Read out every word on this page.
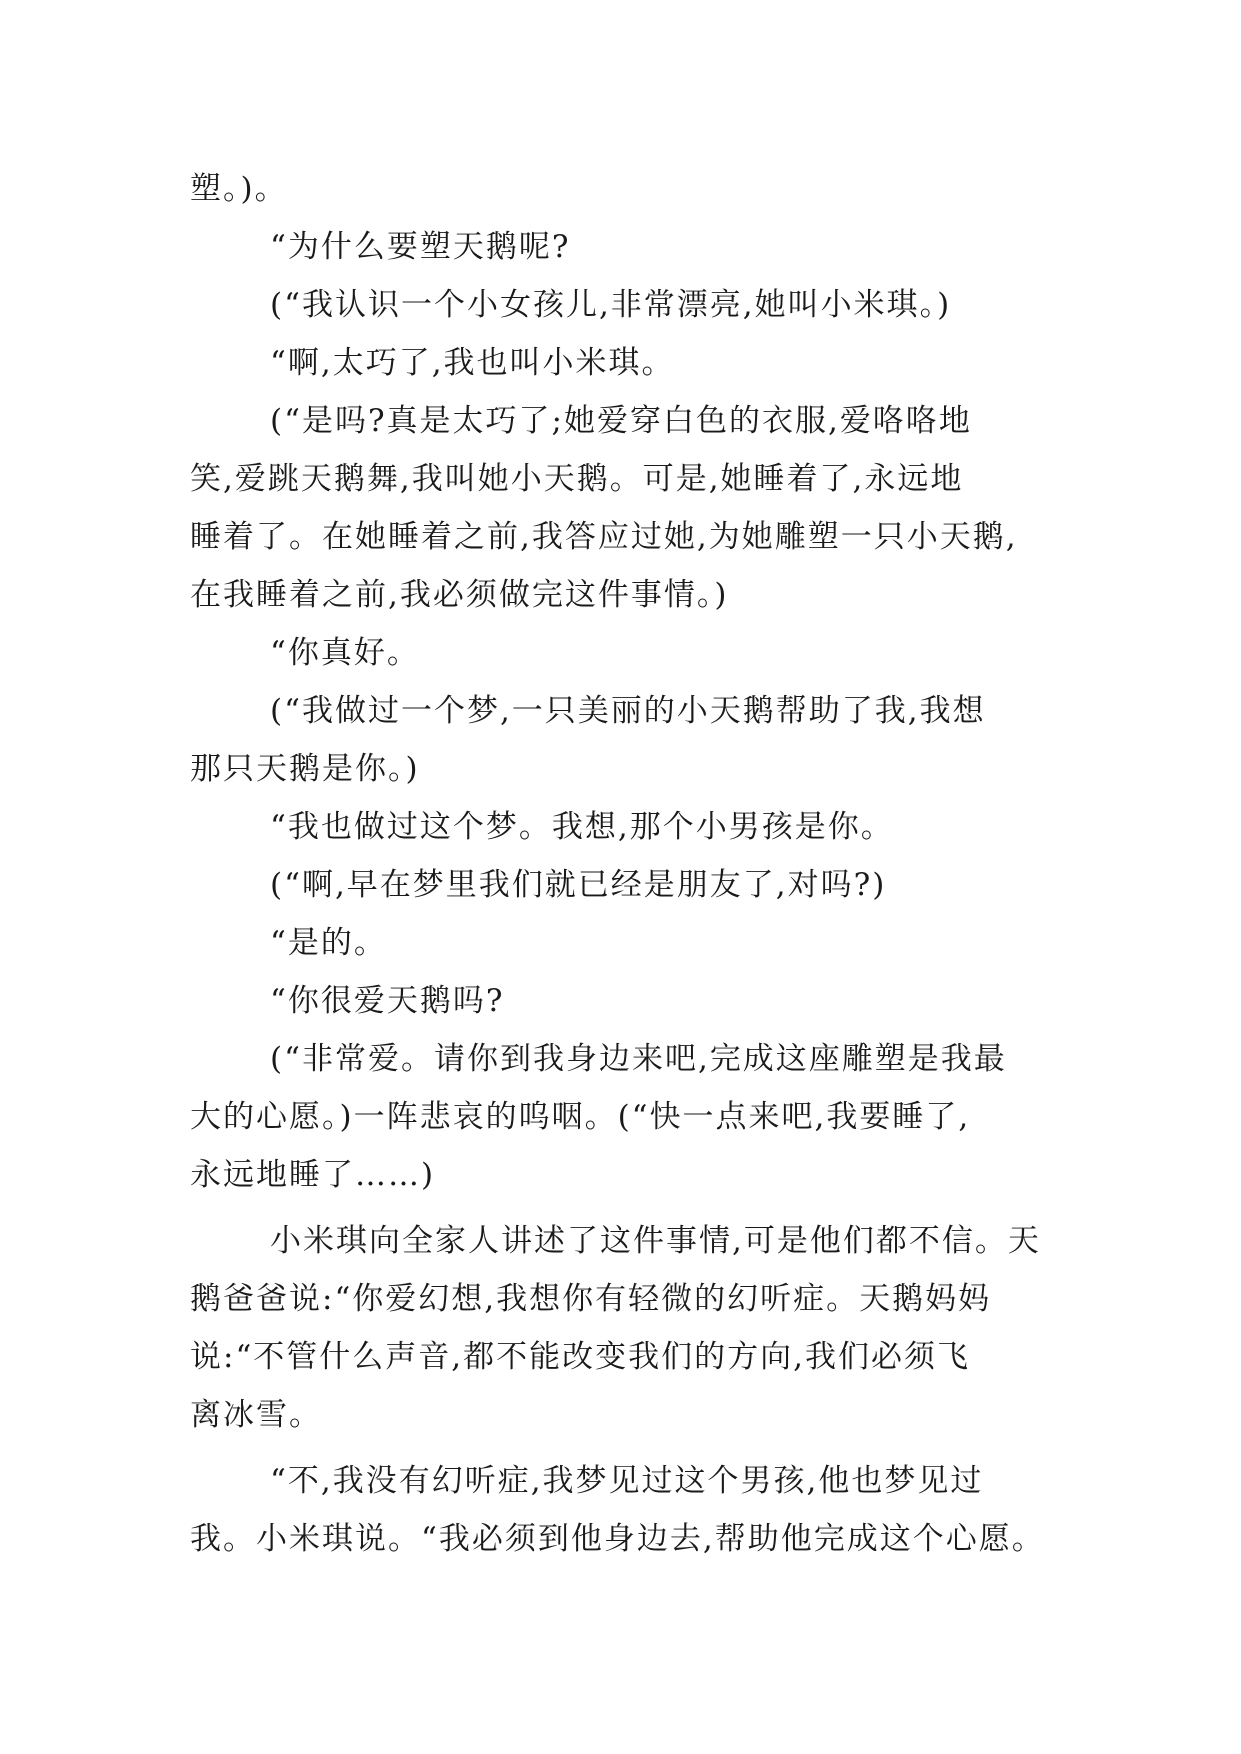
塑。)。
“为什么要塑天鹅呢?
(“我认识一个小女孩儿,非常漂亮,她叫小米琪。)
“啊,太巧了,我也叫小米琪。
(“是吗?真是太巧了;她爱穿白色的衣服,爱咯咯地
笑,爱跳天鹅舞,我叫她小天鹅。可是,她睡着了,永远地
睡着了。在她睡着之前,我答应过她,为她雕塑一只小天鹅,
在我睡着之前,我必须做完这件事情。)
“你真好。
(“我做过一个梦,一只美丽的小天鹅帮助了我,我想
那只天鹅是你。)
“我也做过这个梦。我想,那个小男孩是你。
(“啊,早在梦里我们就已经是朋友了,对吗?)
“是的。
“你很爱天鹅吗?
(“非常爱。请你到我身边来吧,完成这座雕塑是我最
大的心愿。)一阵悲哀的呜咽。(“快一点来吧,我要睡了,
永远地睡了……)
小米琪向全家人讲述了这件事情,可是他们都不信。天
鹅爸爸说:“你爱幻想,我想你有轻微的幻听症。天鹅妈妈
说:“不管什么声音,都不能改变我们的方向,我们必须飞
离冰雪。
“不,我没有幻听症,我梦见过这个男孩,他也梦见过
我。小米琪说。“我必须到他身边去,帮助他完成这个心愿。
